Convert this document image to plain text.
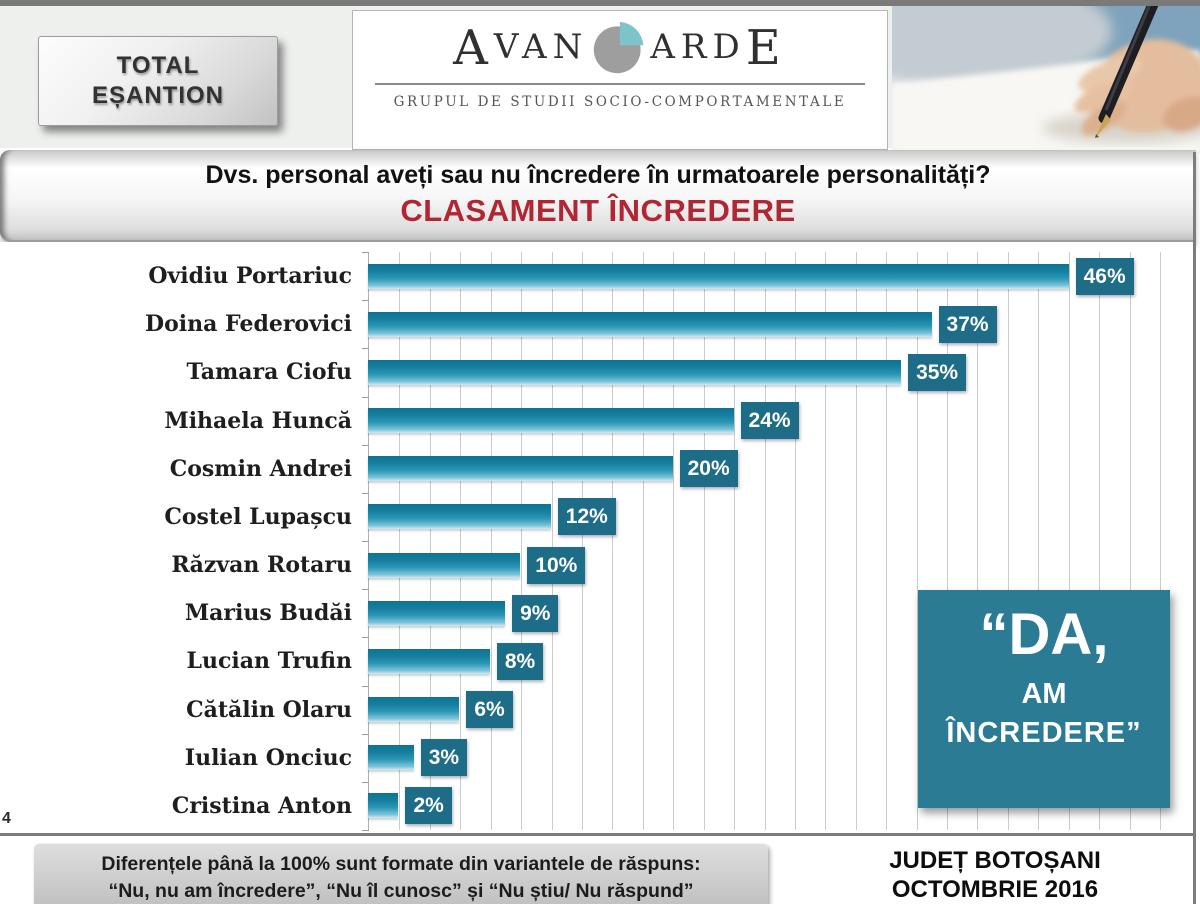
TOTAL EȘANTION
A VAN ARD E
GRUPUL DE STUDII SOCIO-COMPORTAMENTALE
Dvs. personal aveți sau nu încredere în urmatoarele personalități?
CLASAMENT ÎNCREDERE
Ovidiu Portariuc	46%
Doina Federovici	37%
Tamara Ciofu	35%
Mihaela Huncă	24%
Cosmin Andrei	20%
Costel Lupașcu	12%
Răzvan Rotaru	10%
Marius Budăi	9%
Lucian Trufin	8%
Cătălin Olaru	6%
Iulian Onciuc	3%
Cristina Anton	2%
“DA,
AM
ÎNCREDERE”
4
Diferențele până la 100% sunt formate din variantele de răspuns:
“Nu, nu am încredere”, “Nu îl cunosc” și “Nu știu/ Nu răspund”
JUDEȚ BOTOȘANI
OCTOMBRIE 2016
